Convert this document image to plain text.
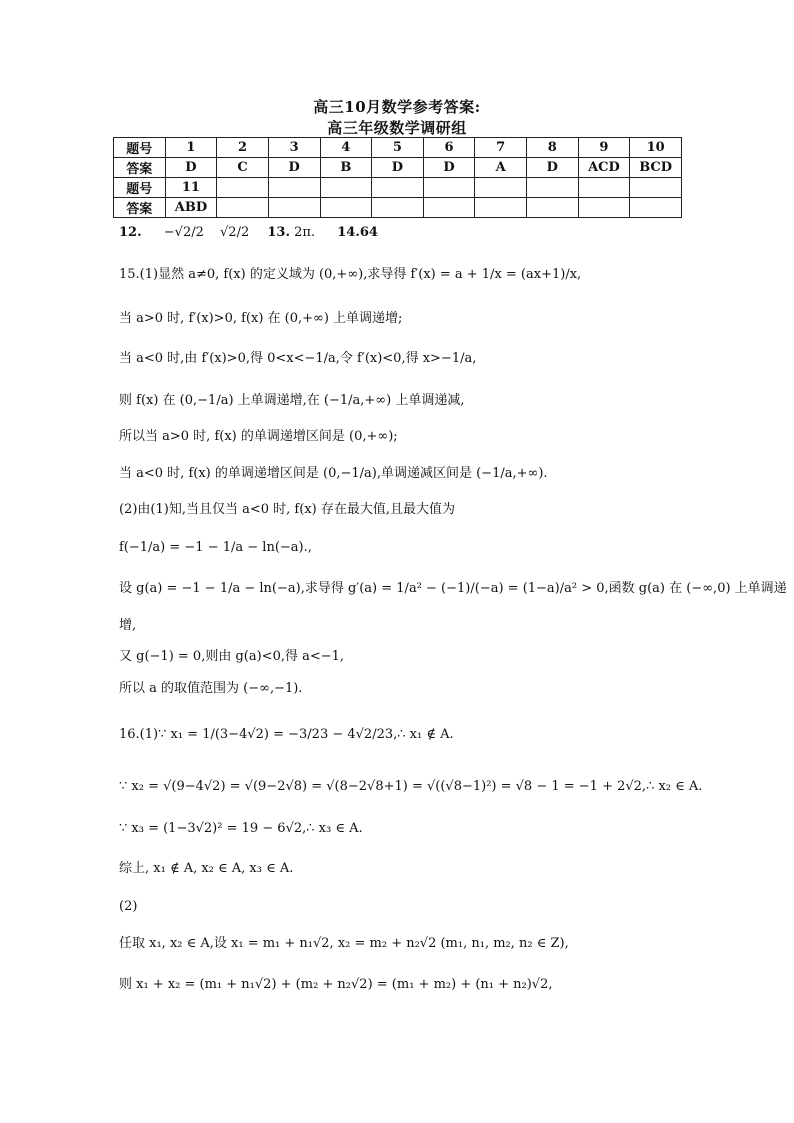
高三10月数学参考答案:
高三年级数学调研组
题号	1	2	3	4	5	6	7	8	9	10
答案	D	C	D	B	D	D	A	D	ACD	BCD
题号	11									
答案	ABD									
12. −√2/2 √2/2 13. 2π. 14.64
15.(1)显然 a≠0, f(x) 的定义域为 (0,+∞),求导得 f′(x) = a + 1/x = (ax+1)/x,
当 a>0 时, f′(x)>0, f(x) 在 (0,+∞) 上单调递增;
当 a<0 时,由 f′(x)>0,得 0<x<−1/a,令 f′(x)<0,得 x>−1/a,
则 f(x) 在 (0,−1/a) 上单调递增,在 (−1/a,+∞) 上单调递减,
所以当 a>0 时, f(x) 的单调递增区间是 (0,+∞);
当 a<0 时, f(x) 的单调递增区间是 (0,−1/a),单调递减区间是 (−1/a,+∞).
(2)由(1)知,当且仅当 a<0 时, f(x) 存在最大值,且最大值为
f(−1/a) = −1 − 1/a − ln(−a).,
设 g(a) = −1 − 1/a − ln(−a),求导得 g′(a) = 1/a² − (−1)/(−a) = (1−a)/a² > 0,函数 g(a) 在 (−∞,0) 上单调递
增,
又 g(−1) = 0,则由 g(a)<0,得 a<−1,
所以 a 的取值范围为 (−∞,−1).
16.(1)∵ x₁ = 1/(3−4√2) = −3/23 − 4√2/23,∴ x₁ ∉ A.
∵ x₂ = √(9−4√2) = √(9−2√8) = √(8−2√8+1) = √((√8−1)²) = √8 − 1 = −1 + 2√2,∴ x₂ ∈ A.
∵ x₃ = (1−3√2)² = 19 − 6√2,∴ x₃ ∈ A.
综上, x₁ ∉ A, x₂ ∈ A, x₃ ∈ A.
(2)
任取 x₁, x₂ ∈ A,设 x₁ = m₁ + n₁√2, x₂ = m₂ + n₂√2 (m₁, n₁, m₂, n₂ ∈ Z),
则 x₁ + x₂ = (m₁ + n₁√2) + (m₂ + n₂√2) = (m₁ + m₂) + (n₁ + n₂)√2,
